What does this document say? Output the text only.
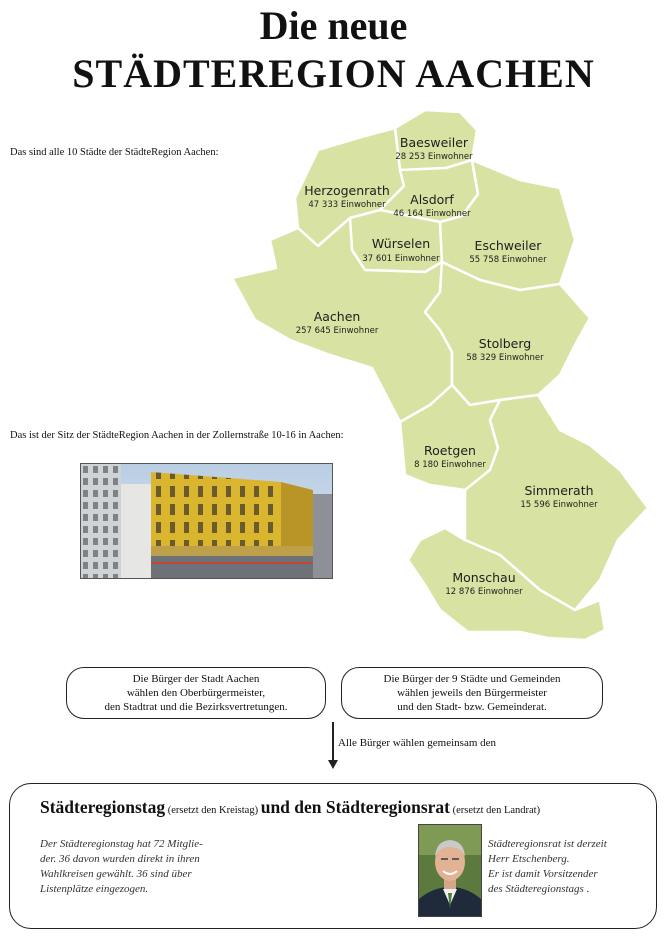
Die neue
STÄDTEREGION AACHEN
Das sind alle 10 Städte der StädteRegion Aachen:
Baesweiler
28 253 Einwohner
Herzogenrath
47 333 Einwohner Alsdorf
46 164 Einwohner
Würselen
37 601 Einwohner
Eschweiler
55 758 Einwohner
Aachen
257 645 Einwohner
Stolberg
58 329 Einwohner
Roetgen
8 180 Einwohner
Simmerath
15 596 Einwohner
Monschau
12 876 Einwohner
Das ist der Sitz der StädteRegion Aachen in der Zollernstraße 10-16 in Aachen:
Die Bürger der Stadt Aachen
wählen den Oberbürgermeister,
den Stadtrat und die Bezirksvertretungen.
Die Bürger der 9 Städte und Gemeinden
wählen jeweils den Bürgermeister
und den Stadt- bzw. Gemeinderat.
Alle Bürger wählen gemeinsam den
Städteregionstag (ersetzt den Kreistag) und den Städteregionsrat (ersetzt den Landrat)
Der Städteregionstag hat 72 Mitglie-
der. 36 davon wurden direkt in ihren
Wahlkreisen gewählt. 36 sind über
Listenplätze eingezogen.
Städteregionsrat ist derzeit
Herr Etschenberg.
Er ist damit Vorsitzender
des Städteregionstags .
